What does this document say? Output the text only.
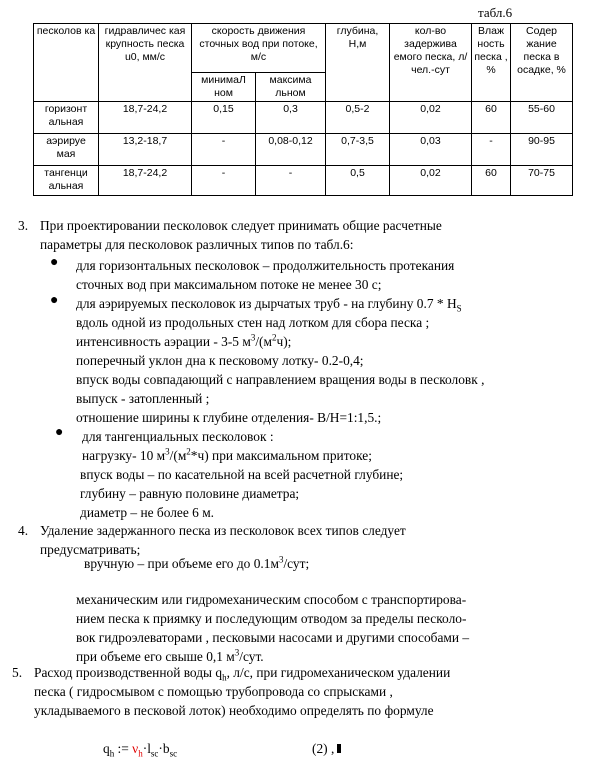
табл.6
песколов ка	гидравличес кая крупность песка u0, мм/с	скорость движения сточных вод при потоке, м/с		глубина, Н,м	кол-во задержива емого песка, л/чел.-сут	Влаж ность песка , %	Содер жание песка в осадке, %
		минимаЛ ном	максима льном				
горизонт альная	18,7-24,2	0,15	0,3	0,5-2	0,02	60	55-60
аэрируе мая	13,2-18,7	-	0,08-0,12	0,7-3,5	0,03	-	90-95
тангенци альная	18,7-24,2	-	-	0,5	0,02	60	70-75
3. При проектировании песколовок следует принимать общие расчетные
параметры для песколовок различных типов по табл.6:
● для горизонтальных песколовок – продолжительность протекания
сточных вод при максимальном потоке не менее 30 с;
● для аэрируемых песколовок из дырчатых труб - на глубину $0.7 * H_S$
вдоль одной из продольных стен над лотком для сбора песка ;
интенсивность аэрации - 3-5 $м^3/(м^2ч)$;
поперечный уклон дна к песковому лотку- 0.2-0,4;
впуск воды совпадающий с направлением вращения воды в песколовк ,
выпуск - затопленный ;
отношение ширины к глубине отделения- В/Н=1:1,5.;
● для тангенциальных песколовок :
нагрузку- 10 $м^3/(м^2*ч)$ при максимальном притоке;
впуск воды – по касательной на всей расчетной глубине;
глубину – равную половине диаметра;
диаметр – не более 6 м.
4. Удаление задержанного песка из песколовок всех типов следует
предусматривать;
вручную – при объеме его до $0.1м^3$/сут;
механическим или гидромеханическим способом с транспортирова-
нием песка к приямку и последующим отводом за пределы песколо-
вок гидроэлеваторами , песковыми насосами и другими способами –
при объеме его свыше 0,1 $м^3$/сут.
5. Расход производственной воды $q_h$, л/с, при гидромеханическом удалении
песка ( гидросмывом с помощью трубопровода со спрысками ,
укладываемого в песковой лоток) необходимо определять по формуле
$q_h$ := $\nu_h\cdot l_{sc}\cdot b_{sc}$	(2) ,
